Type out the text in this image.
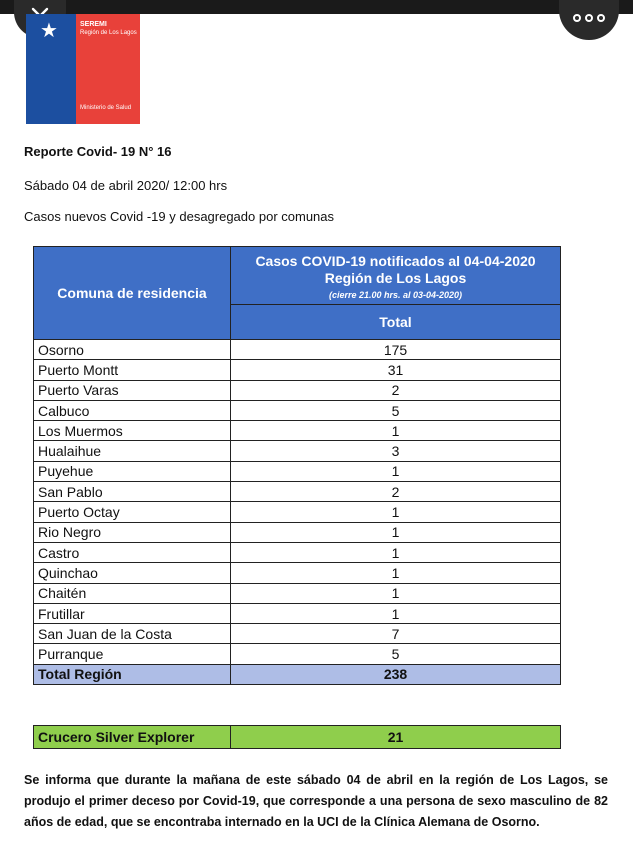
★	SEREMI
Región de Los Lagos
Ministerio de Salud
Reporte Covid- 19 N° 16
Sábado 04 de abril 2020/ 12:00 hrs
Casos nuevos Covid -19 y desagregado por comunas
Comuna de residencia	Casos COVID-19 notificados al 04-04-2020
Región de Los Lagos
(cierre 21.00 hrs. al 03-04-2020)

	Total
Osorno	175
Puerto Montt	31
Puerto Varas	2
Calbuco	5
Los Muermos	1
Hualaihue	3
Puyehue	1
San Pablo	2
Puerto Octay	1
Rio Negro	1
Castro	1
Quinchao	1
Chaitén	1
Frutillar	1
San Juan de la Costa	7
Purranque	5
Total Región	238
Crucero Silver Explorer	21
Se informa que durante la mañana de este sábado 04 de abril en la región de Los Lagos, se produjo el primer deceso por Covid-19, que corresponde a una persona de sexo masculino de 82 años de edad, que se encontraba internado en la UCI de la Clínica Alemana de Osorno.
